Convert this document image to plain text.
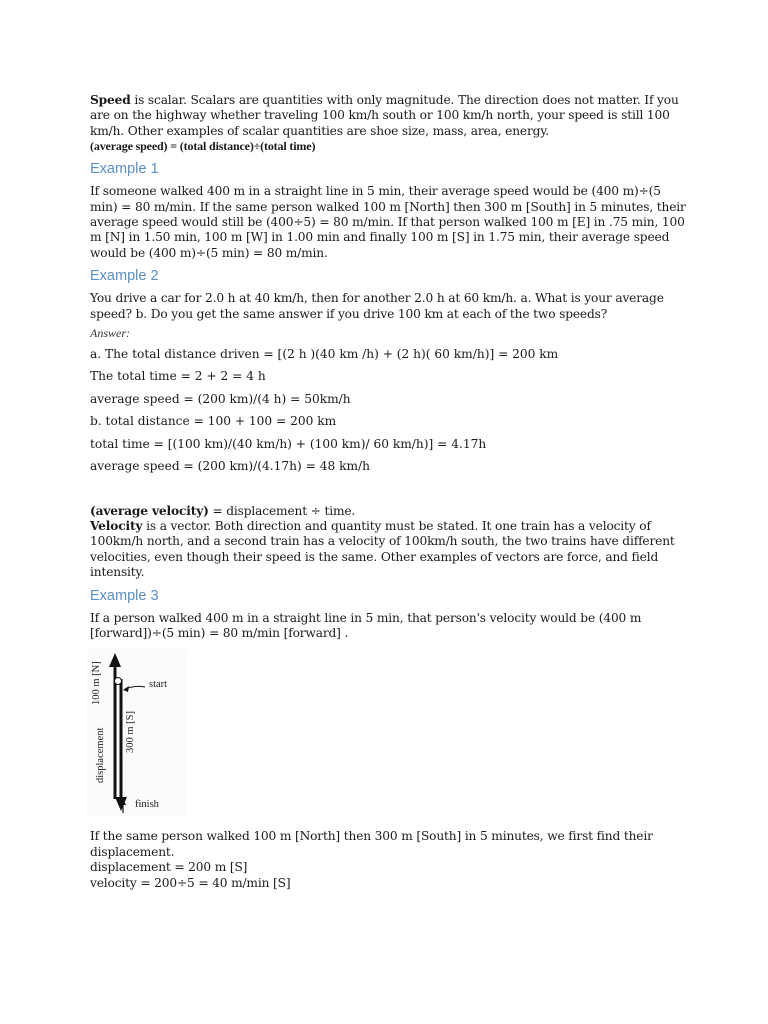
Speed is scalar. Scalars are quantities with only magnitude. The direction does not matter. If you are on the highway whether traveling 100 km/h south or 100 km/h north, your speed is still 100 km/h. Other examples of scalar quantities are shoe size, mass, area, energy.

(average speed) = (total distance)÷(total time)

Example 1

If someone walked 400 m in a straight line in 5 min, their average speed would be (400 m)÷(5 min) = 80 m/min. If the same person walked 100 m [North] then 300 m [South] in 5 minutes, their average speed would still be (400÷5) = 80 m/min. If that person walked 100 m [E] in .75 min, 100 m [N] in 1.50 min, 100 m [W] in 1.00 min and finally 100 m [S] in 1.75 min, their average speed would be (400 m)÷(5 min) = 80 m/min.

Example 2

You drive a car for 2.0 h at 40 km/h, then for another 2.0 h at 60 km/h. a. What is your average speed? b. Do you get the same answer if you drive 100 km at each of the two speeds?

Answer:
a. The total distance driven = [(2 h )(40 km /h) + (2 h)( 60 km/h)] = 200 km
The total time = 2 + 2 = 4 h
average speed = (200 km)/(4 h) = 50km/h
b. total distance = 100 + 100 = 200 km
total time = [(100 km)/(40 km/h) + (100 km)/ 60 km/h)] = 4.17h
average speed = (200 km)/(4.17h) = 48 km/h

(average velocity) = displacement ÷ time.

Velocity is a vector. Both direction and quantity must be stated. It one train has a velocity of 100km/h north, and a second train has a velocity of 100km/h south, the two trains have different velocities, even though their speed is the same. Other examples of vectors are force, and field intensity.

Example 3

If a person walked 400 m in a straight line in 5 min, that person's velocity would be (400 m [forward])÷(5 min) = 80 m/min [forward] .

100 m [N]
300 m [S]
displacement
start
finish

If the same person walked 100 m [North] then 300 m [South] in 5 minutes, we first find their displacement.

displacement = 200 m [S]

velocity = 200÷5 = 40 m/min [S]
